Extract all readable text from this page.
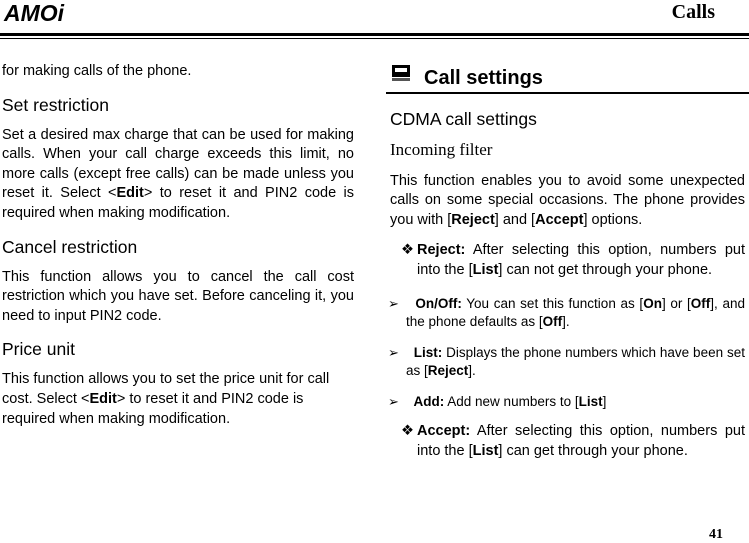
AMOi	Calls

for making calls of the phone.

Set restriction

Set a desired max charge that can be used for making calls. When your call charge exceeds this limit, no more calls (except free calls) can be made unless you reset it. Select <Edit> to reset it and PIN2 code is required when making modification.

Cancel restriction

This function allows you to cancel the call cost restriction which you have set. Before canceling it, you need to input PIN2 code.

Price unit

This function allows you to set the price unit for call cost. Select <Edit> to reset it and PIN2 code is required when making modification.

Call settings

CDMA call settings

Incoming filter

This function enables you to avoid some unexpected calls on some special occasions. The phone provides you with [Reject] and [Accept] options.

❖ Reject: After selecting this option, numbers put into the [List] can not get through your phone.
➢ On/Off: You can set this function as [On] or [Off], and the phone defaults as [Off].
➢ List: Displays the phone numbers which have been set as [Reject].
➢ Add: Add new numbers to [List]
❖ Accept: After selecting this option, numbers put into the [List] can get through your phone.
41
